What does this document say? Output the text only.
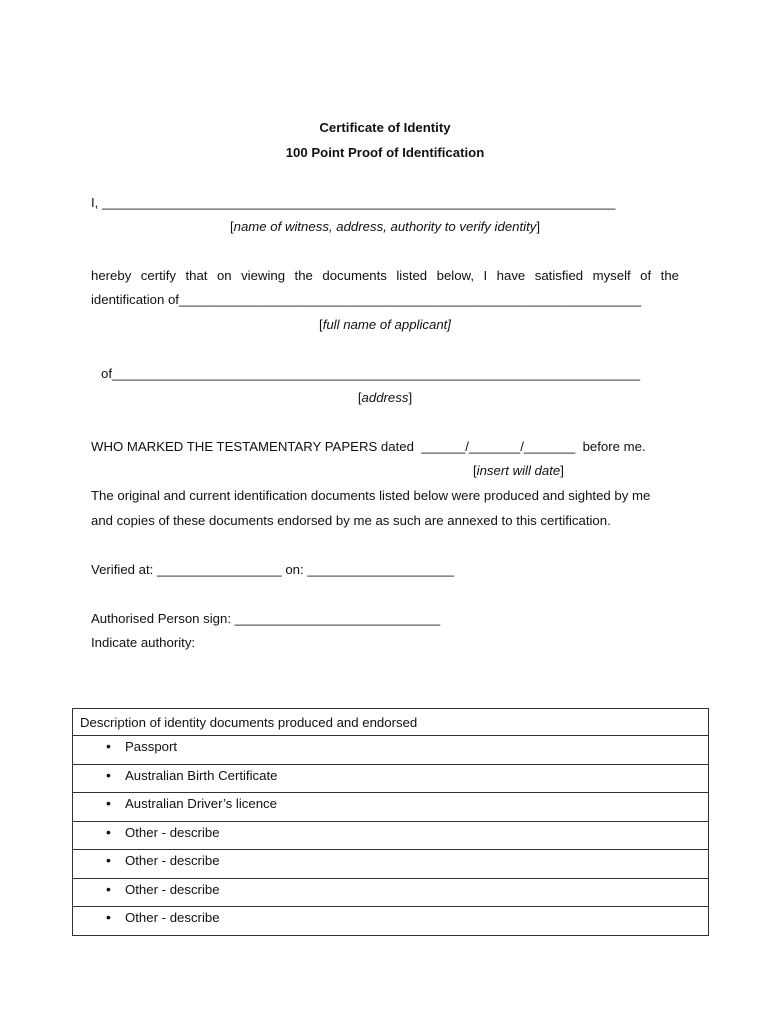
Certificate of Identity
100 Point Proof of Identification
I, ______________________________________________________________________
[name of witness, address, authority to verify identity]
hereby certify that on viewing the documents listed below, I have satisfied myself of the
identification of_______________________________________________________________
[full name of applicant]
of________________________________________________________________________
[address]
WHO MARKED THE TESTAMENTARY PAPERS dated  ______/_______/_______  before me.
[insert will date]
The original and current identification documents listed below were produced and sighted by me
and copies of these documents endorsed by me as such are annexed to this certification.
Verified at: _________________ on: ____________________
Authorised Person sign: ____________________________
Indicate authority:
Description of identity documents produced and endorsed
• Passport
• Australian Birth Certificate
• Australian Driver’s licence
• Other - describe
• Other - describe
• Other - describe
• Other - describe
